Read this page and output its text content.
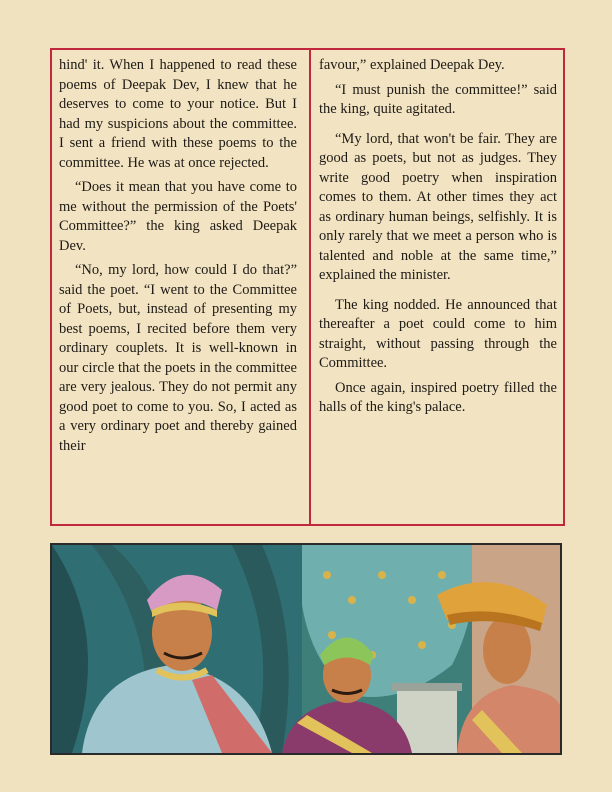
hind' it. When I happened to read these poems of Deepak Dev, I knew that he deserves to come to your notice. But I had my suspicions about the committee. I sent a friend with these poems to the committee. He was at once rejected.

“Does it mean that you have come to me without the permission of the Poets' Committee?” the king asked Deepak Dev.

“No, my lord, how could I do that?” said the poet. “I went to the Committee of Poets, but, instead of presenting my best poems, I recited before them very ordinary couplets. It is well-known in our circle that the poets in the committee are very jealous. They do not permit any good poet to come to you. So, I acted as a very ordinary poet and thereby gained their

favour,” explained Deepak Dey.

“I must punish the committee!” said the king, quite agitated.

“My lord, that won't be fair. They are good as poets, but not as judges. They write good poetry when inspiration comes to them. At other times they act as ordinary human beings, selfishly. It is only rarely that we meet a person who is talented and noble at the same time,” explained the minister.

The king nodded. He announced that thereafter a poet could come to him straight, without passing through the Committee.

Once again, inspired poetry filled the halls of the king's palace.
